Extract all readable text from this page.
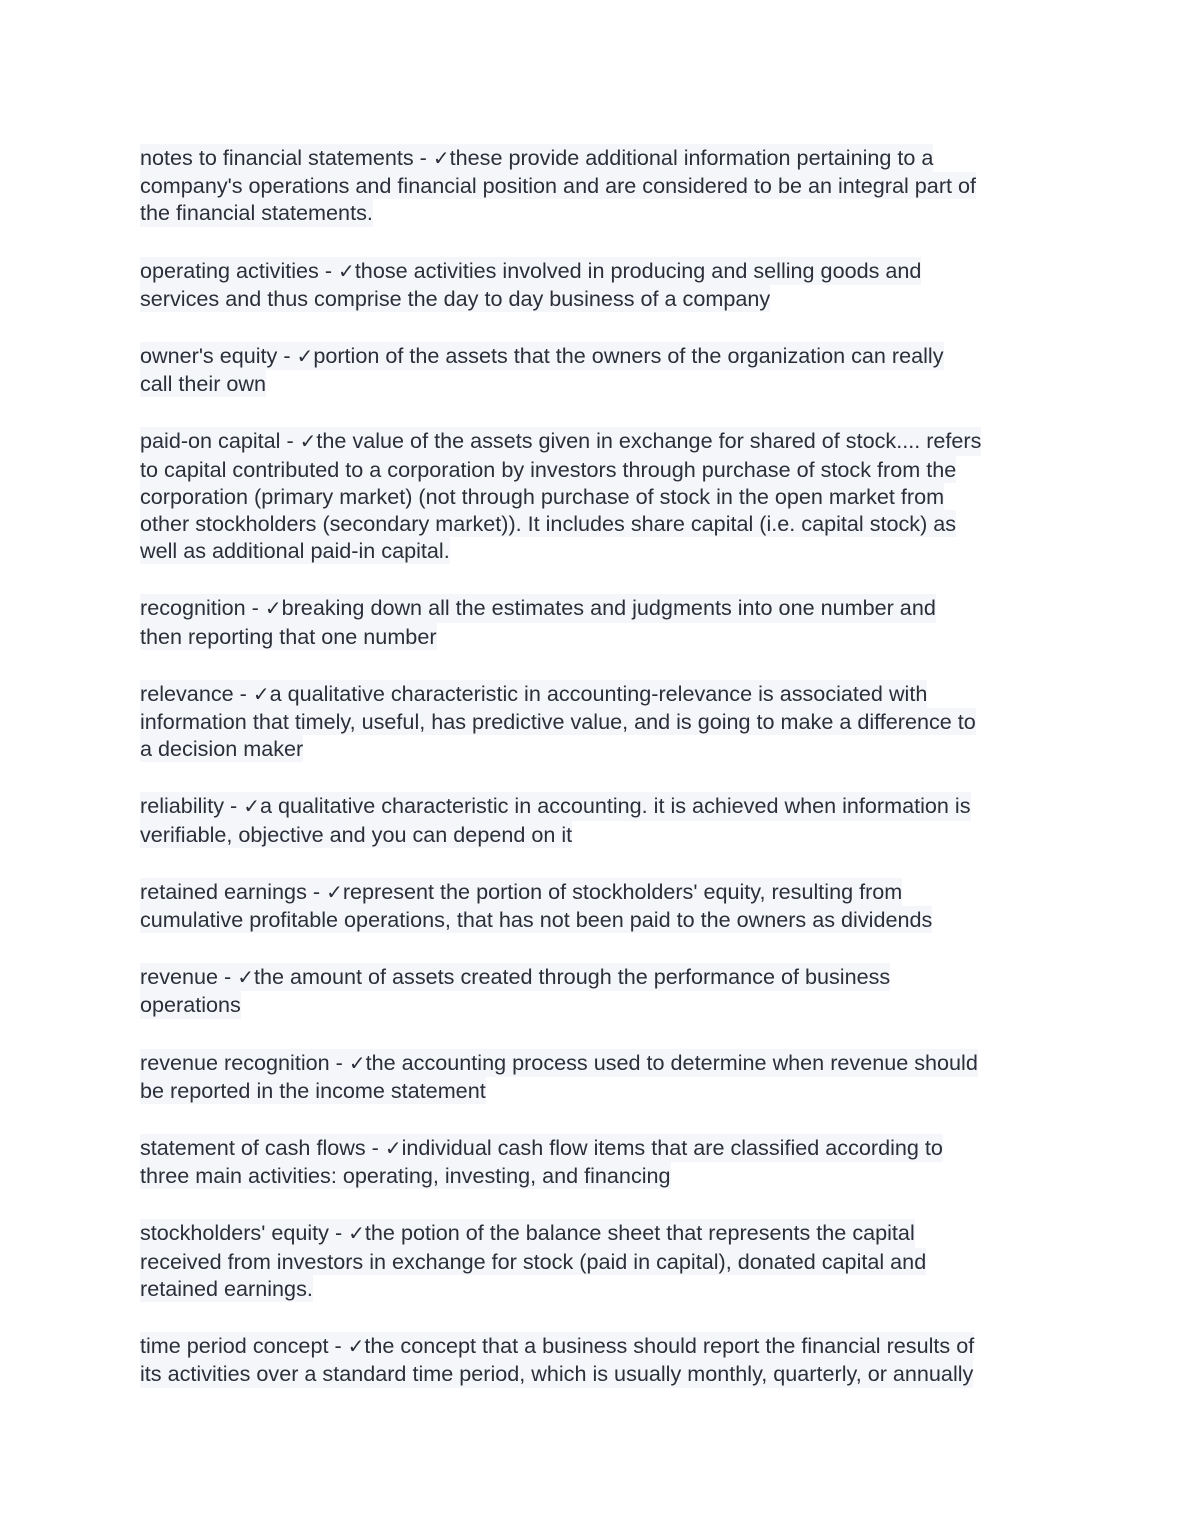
notes to financial statements - ✓these provide additional information pertaining to a
company's operations and financial position and are considered to be an integral part of
the financial statements.
operating activities - ✓those activities involved in producing and selling goods and
services and thus comprise the day to day business of a company
owner's equity - ✓portion of the assets that the owners of the organization can really
call their own
paid-on capital - ✓the value of the assets given in exchange for shared of stock.... refers
to capital contributed to a corporation by investors through purchase of stock from the
corporation (primary market) (not through purchase of stock in the open market from
other stockholders (secondary market)). It includes share capital (i.e. capital stock) as
well as additional paid-in capital.
recognition - ✓breaking down all the estimates and judgments into one number and
then reporting that one number
relevance - ✓a qualitative characteristic in accounting-relevance is associated with
information that timely, useful, has predictive value, and is going to make a difference to
a decision maker
reliability - ✓a qualitative characteristic in accounting. it is achieved when information is
verifiable, objective and you can depend on it
retained earnings - ✓represent the portion of stockholders' equity, resulting from
cumulative profitable operations, that has not been paid to the owners as dividends
revenue - ✓the amount of assets created through the performance of business
operations
revenue recognition - ✓the accounting process used to determine when revenue should
be reported in the income statement
statement of cash flows - ✓individual cash flow items that are classified according to
three main activities: operating, investing, and financing
stockholders' equity - ✓the potion of the balance sheet that represents the capital
received from investors in exchange for stock (paid in capital), donated capital and
retained earnings.
time period concept - ✓the concept that a business should report the financial results of
its activities over a standard time period, which is usually monthly, quarterly, or annually
